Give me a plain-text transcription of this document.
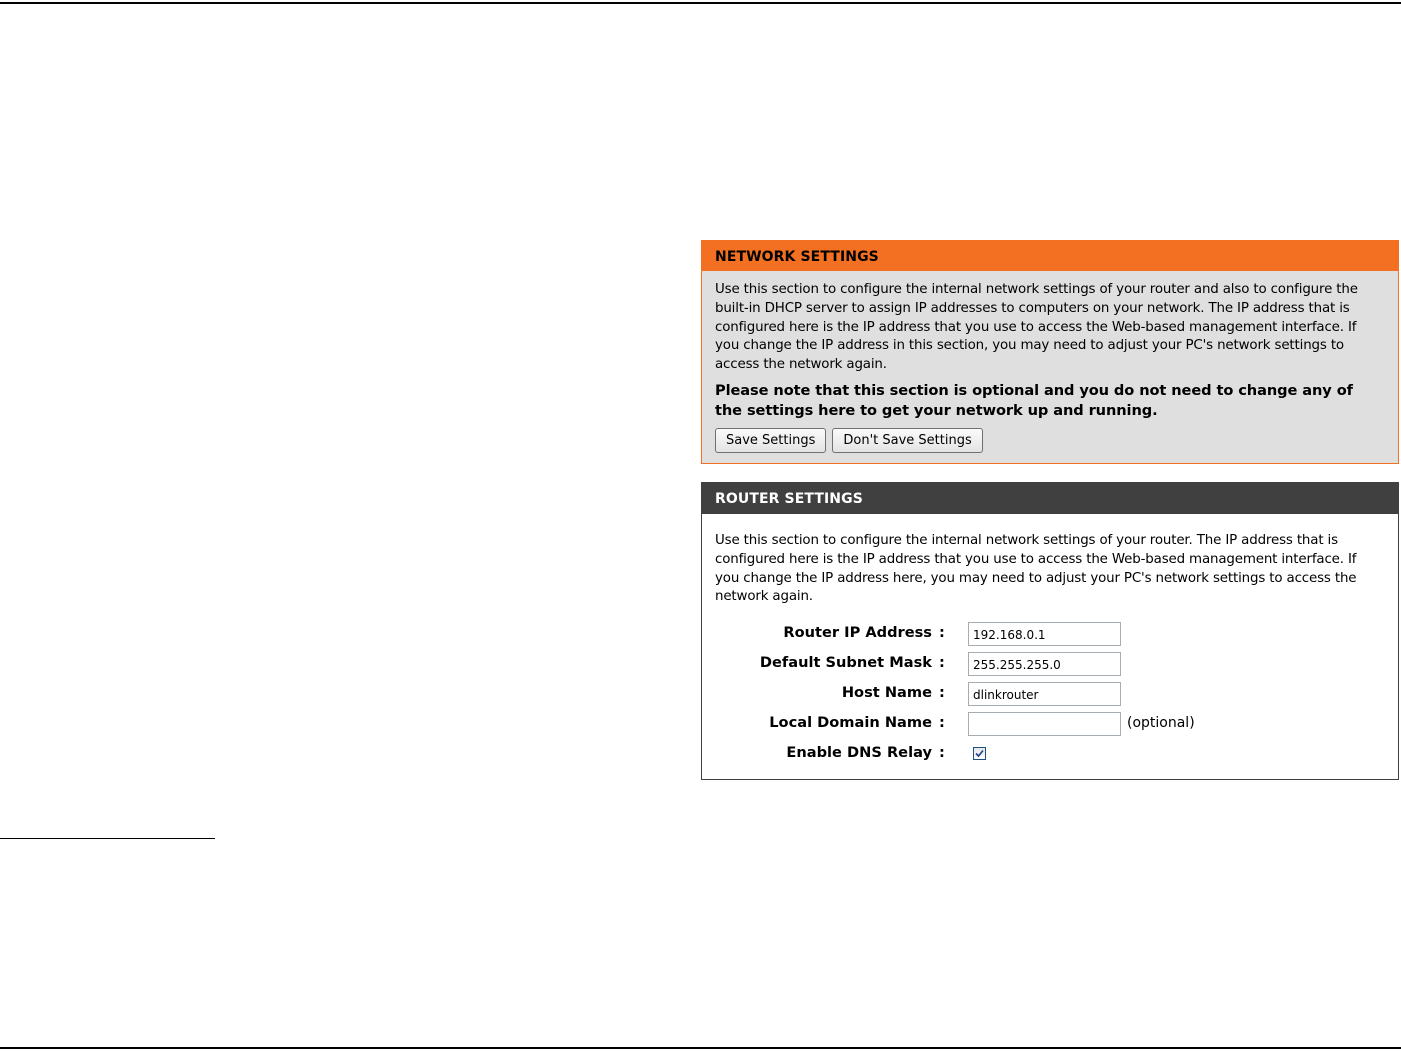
NETWORK SETTINGS

Use this section to configure the internal network settings of your router and also to configure the built-in DHCP server to assign IP addresses to computers on your network. The IP address that is configured here is the IP address that you use to access the Web-based management interface. If you change the IP address in this section, you may need to adjust your PC's network settings to access the network again.

Please note that this section is optional and you do not need to change any of the settings here to get your network up and running.

Save Settings	Don't Save Settings
ROUTER SETTINGS

Use this section to configure the internal network settings of your router. The IP address that is configured here is the IP address that you use to access the Web-based management interface. If you change the IP address here, you may need to adjust your PC's network settings to access the network again.

Router IP Address :
192.168.0.1
Default Subnet Mask :
255.255.255.0
Host Name :
dlinkrouter
Local Domain Name :	(optional)
Enable DNS Relay :
